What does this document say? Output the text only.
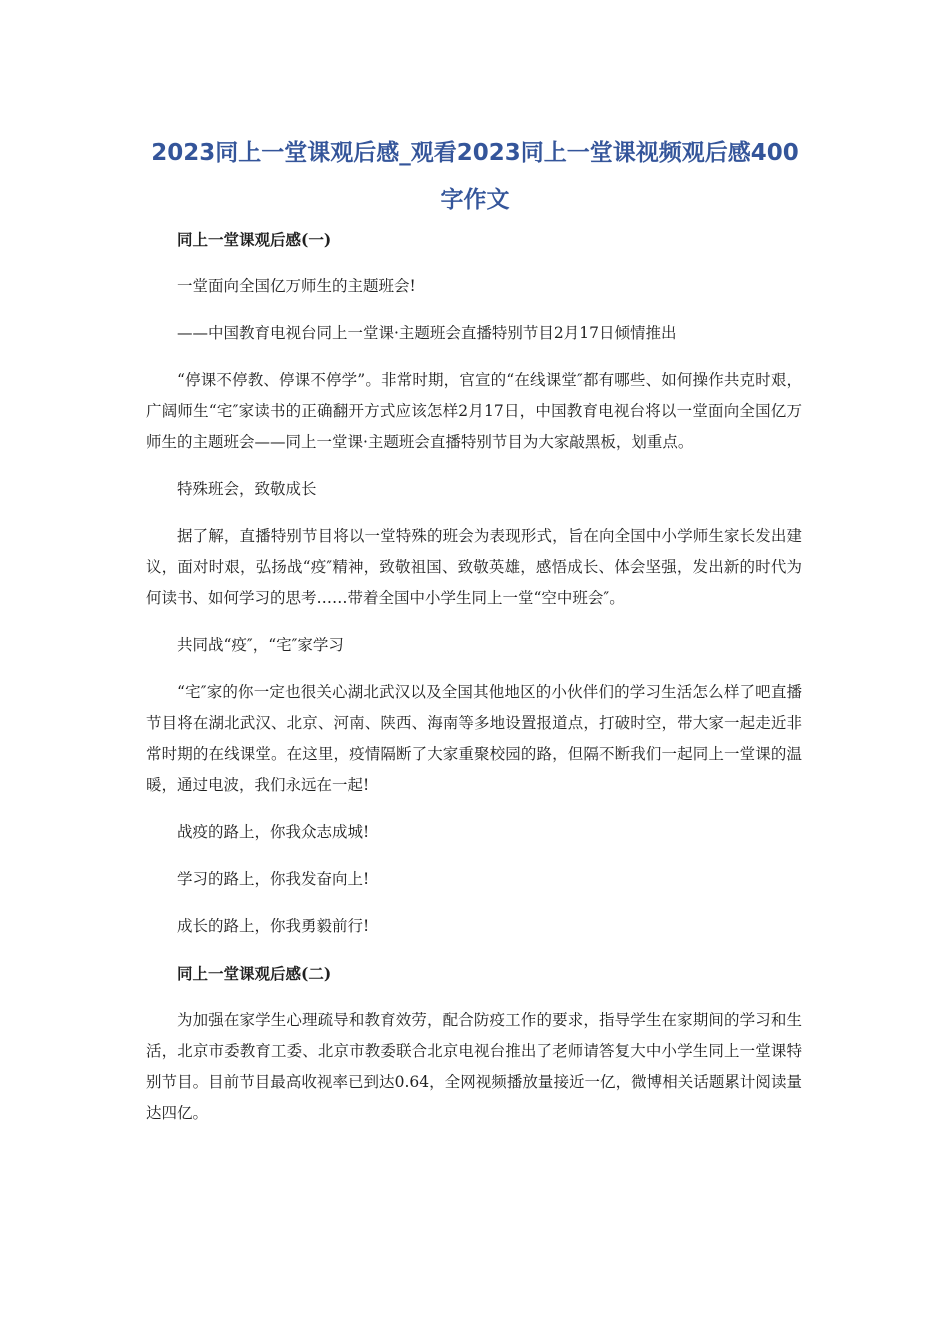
2023同上一堂课观后感_观看2023同上一堂课视频观后感400字作文

同上一堂课观后感(一)

一堂面向全国亿万师生的主题班会!

——中国教育电视台同上一堂课·主题班会直播特别节目2月17日倾情推出

“停课不停教、停课不停学”。非常时期，官宣的“在线课堂″都有哪些、如何操作共克时艰，广阔师生“宅″家读书的正确翻开方式应该怎样2月17日，中国教育电视台将以一堂面向全国亿万师生的主题班会——同上一堂课·主题班会直播特别节目为大家敲黑板，划重点。

特殊班会，致敬成长

据了解，直播特别节目将以一堂特殊的班会为表现形式，旨在向全国中小学师生家长发出建议，面对时艰，弘扬战“疫″精神，致敬祖国、致敬英雄，感悟成长、体会坚强，发出新的时代为何读书、如何学习的思考……带着全国中小学生同上一堂“空中班会″。

共同战“疫″，“宅″家学习

“宅″家的你一定也很关心湖北武汉以及全国其他地区的小伙伴们的学习生活怎么样了吧直播节目将在湖北武汉、北京、河南、陕西、海南等多地设置报道点，打破时空，带大家一起走近非常时期的在线课堂。在这里，疫情隔断了大家重聚校园的路，但隔不断我们一起同上一堂课的温暖，通过电波，我们永远在一起!

战疫的路上，你我众志成城!

学习的路上，你我发奋向上!

成长的路上，你我勇毅前行!

同上一堂课观后感(二)

为加强在家学生心理疏导和教育效劳，配合防疫工作的要求，指导学生在家期间的学习和生活，北京市委教育工委、北京市教委联合北京电视台推出了老师请答复大中小学生同上一堂课特别节目。目前节目最高收视率已到达0.64，全网视频播放量接近一亿，微博相关话题累计阅读量达四亿。
